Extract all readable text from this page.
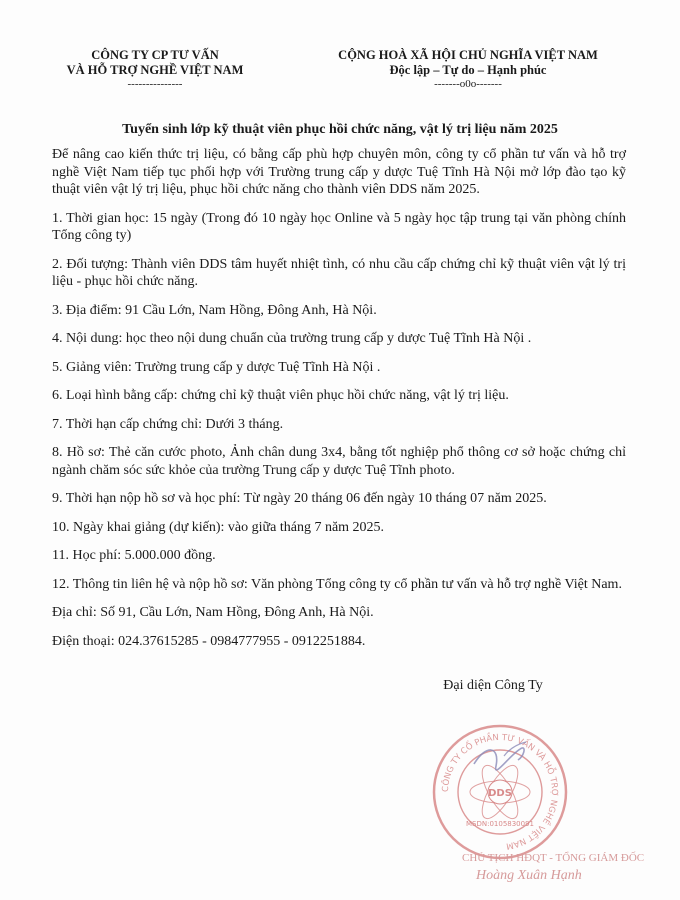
CÔNG TY CP TƯ VẤN
VÀ HỖ TRỢ NGHỀ VIỆT NAM
---------------
CỘNG HOÀ XÃ HỘI CHỦ NGHĨA VIỆT NAM
Độc lập – Tự do – Hạnh phúc
-------o0o-------
Tuyển sinh lớp kỹ thuật viên phục hồi chức năng, vật lý trị liệu năm 2025

Để nâng cao kiến thức trị liệu, có bằng cấp phù hợp chuyên môn, công ty cổ phần tư vấn và hỗ trợ nghề Việt Nam tiếp tục phối hợp với Trường trung cấp y dược Tuệ Tĩnh Hà Nội mở lớp đào tạo kỹ thuật viên vật lý trị liệu, phục hồi chức năng cho thành viên DDS năm 2025.

1. Thời gian học: 15 ngày (Trong đó 10 ngày học Online và 5 ngày học tập trung tại văn phòng chính Tổng công ty)

2. Đối tượng: Thành viên DDS tâm huyết nhiệt tình, có nhu cầu cấp chứng chỉ kỹ thuật viên vật lý trị liệu - phục hồi chức năng.

3. Địa điểm: 91 Cầu Lớn, Nam Hồng, Đông Anh, Hà Nội.

4. Nội dung: học theo nội dung chuẩn của trường trung cấp y dược Tuệ Tĩnh Hà Nội .

5. Giảng viên: Trường trung cấp y dược Tuệ Tĩnh Hà Nội .

6. Loại hình bằng cấp: chứng chỉ kỹ thuật viên phục hồi chức năng, vật lý trị liệu.

7. Thời hạn cấp chứng chỉ: Dưới 3 tháng.

8. Hồ sơ: Thẻ căn cước photo, Ảnh chân dung 3x4, bằng tốt nghiệp phổ thông cơ sở hoặc chứng chỉ ngành chăm sóc sức khỏe của trường Trung cấp y dược Tuệ Tĩnh photo.

9. Thời hạn nộp hồ sơ và học phí: Từ ngày 20 tháng 06 đến ngày 10 tháng 07 năm 2025.

10. Ngày khai giảng (dự kiến): vào giữa tháng 7 năm 2025.

11. Học phí: 5.000.000 đồng.

12. Thông tin liên hệ và nộp hồ sơ: Văn phòng Tổng công ty cổ phần tư vấn và hỗ trợ nghề Việt Nam.

Địa chỉ: Số 91, Cầu Lớn, Nam Hồng, Đông Anh, Hà Nội.

Điện thoại: 024.37615285 - 0984777955 - 0912251884.

Đại diện Công Ty
CÔNG TY CỔ PHẦN TƯ VẤN VÀ HỖ TRỢ NGHỀ VIỆT NAM
DDS
MSDN:0105830091
CHỦ TỊCH HĐQT - TỔNG GIÁM ĐỐC
Hoàng Xuân Hạnh
